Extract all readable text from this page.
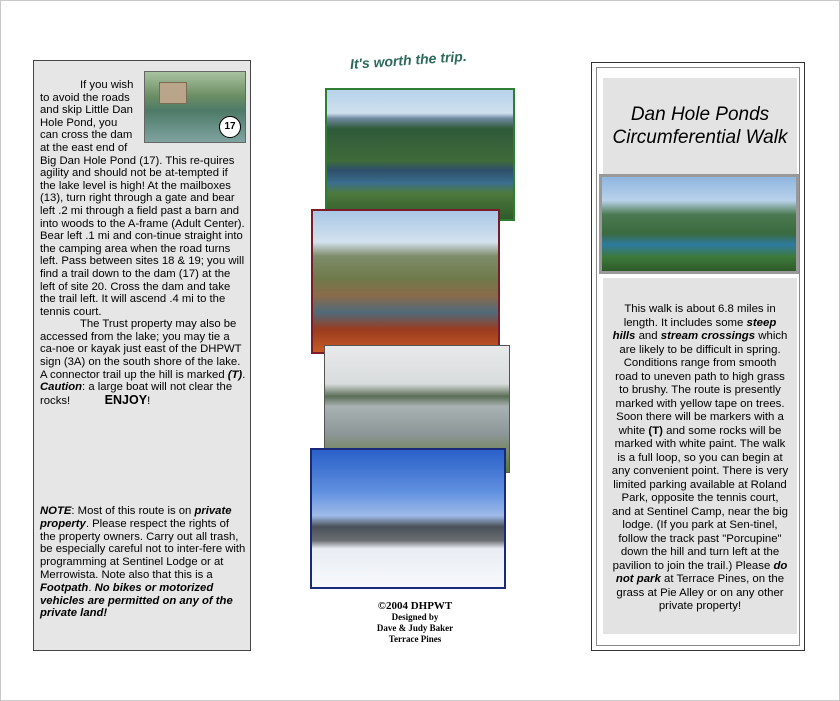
17
If you wish to avoid the roads and skip Little Dan Hole Pond, you can cross the dam at the east end of Big Dan Hole Pond (17). This re-quires agility and should not be at-tempted if the lake level is high! At the mailboxes (13), turn right through a gate and bear left .2 mi through a field past a barn and into woods to the A-frame (Adult Center). Bear left .1 mi and con-tinue straight into the camping area when the road turns left. Pass between sites 18 & 19; you will find a trail down to the dam (17) at the left of site 20. Cross the dam and take the trail left. It will ascend .4 mi to the tennis court.

The Trust property may also be accessed from the lake; you may tie a ca-noe or kayak just east of the DHPWT sign (3A) on the south shore of the lake. A connector trail up the hill is marked (T). Caution: a large boat will not clear the rocks!	ENJOY!

NOTE: Most of this route is on private property. Please respect the rights of the property owners. Carry out all trash, be especially careful not to inter-fere with programming at Sentinel Lodge or at Merrowista. Note also that this is a Footpath. No bikes or motorized vehicles are permitted on any of the private land!

It's worth the trip.
©2004 DHPWT
Designed by
Dave & Judy Baker
Terrace Pines
Dan Hole Ponds
Circumferential Walk
This walk is about 6.8 miles in length. It includes some steep hills and stream crossings which are likely to be difficult in spring. Conditions range from smooth road to uneven path to high grass to brushy. The route is presently marked with yellow tape on trees. Soon there will be markers with a white (T) and some rocks will be marked with white paint. The walk is a full loop, so you can begin at any convenient point. There is very limited parking available at Roland Park, opposite the tennis court, and at Sentinel Camp, near the big lodge. (If you park at Sen-tinel, follow the track past "Porcupine" down the hill and turn left at the pavilion to join the trail.) Please do not park at Terrace Pines, on the grass at Pie Alley or on any other private property!
